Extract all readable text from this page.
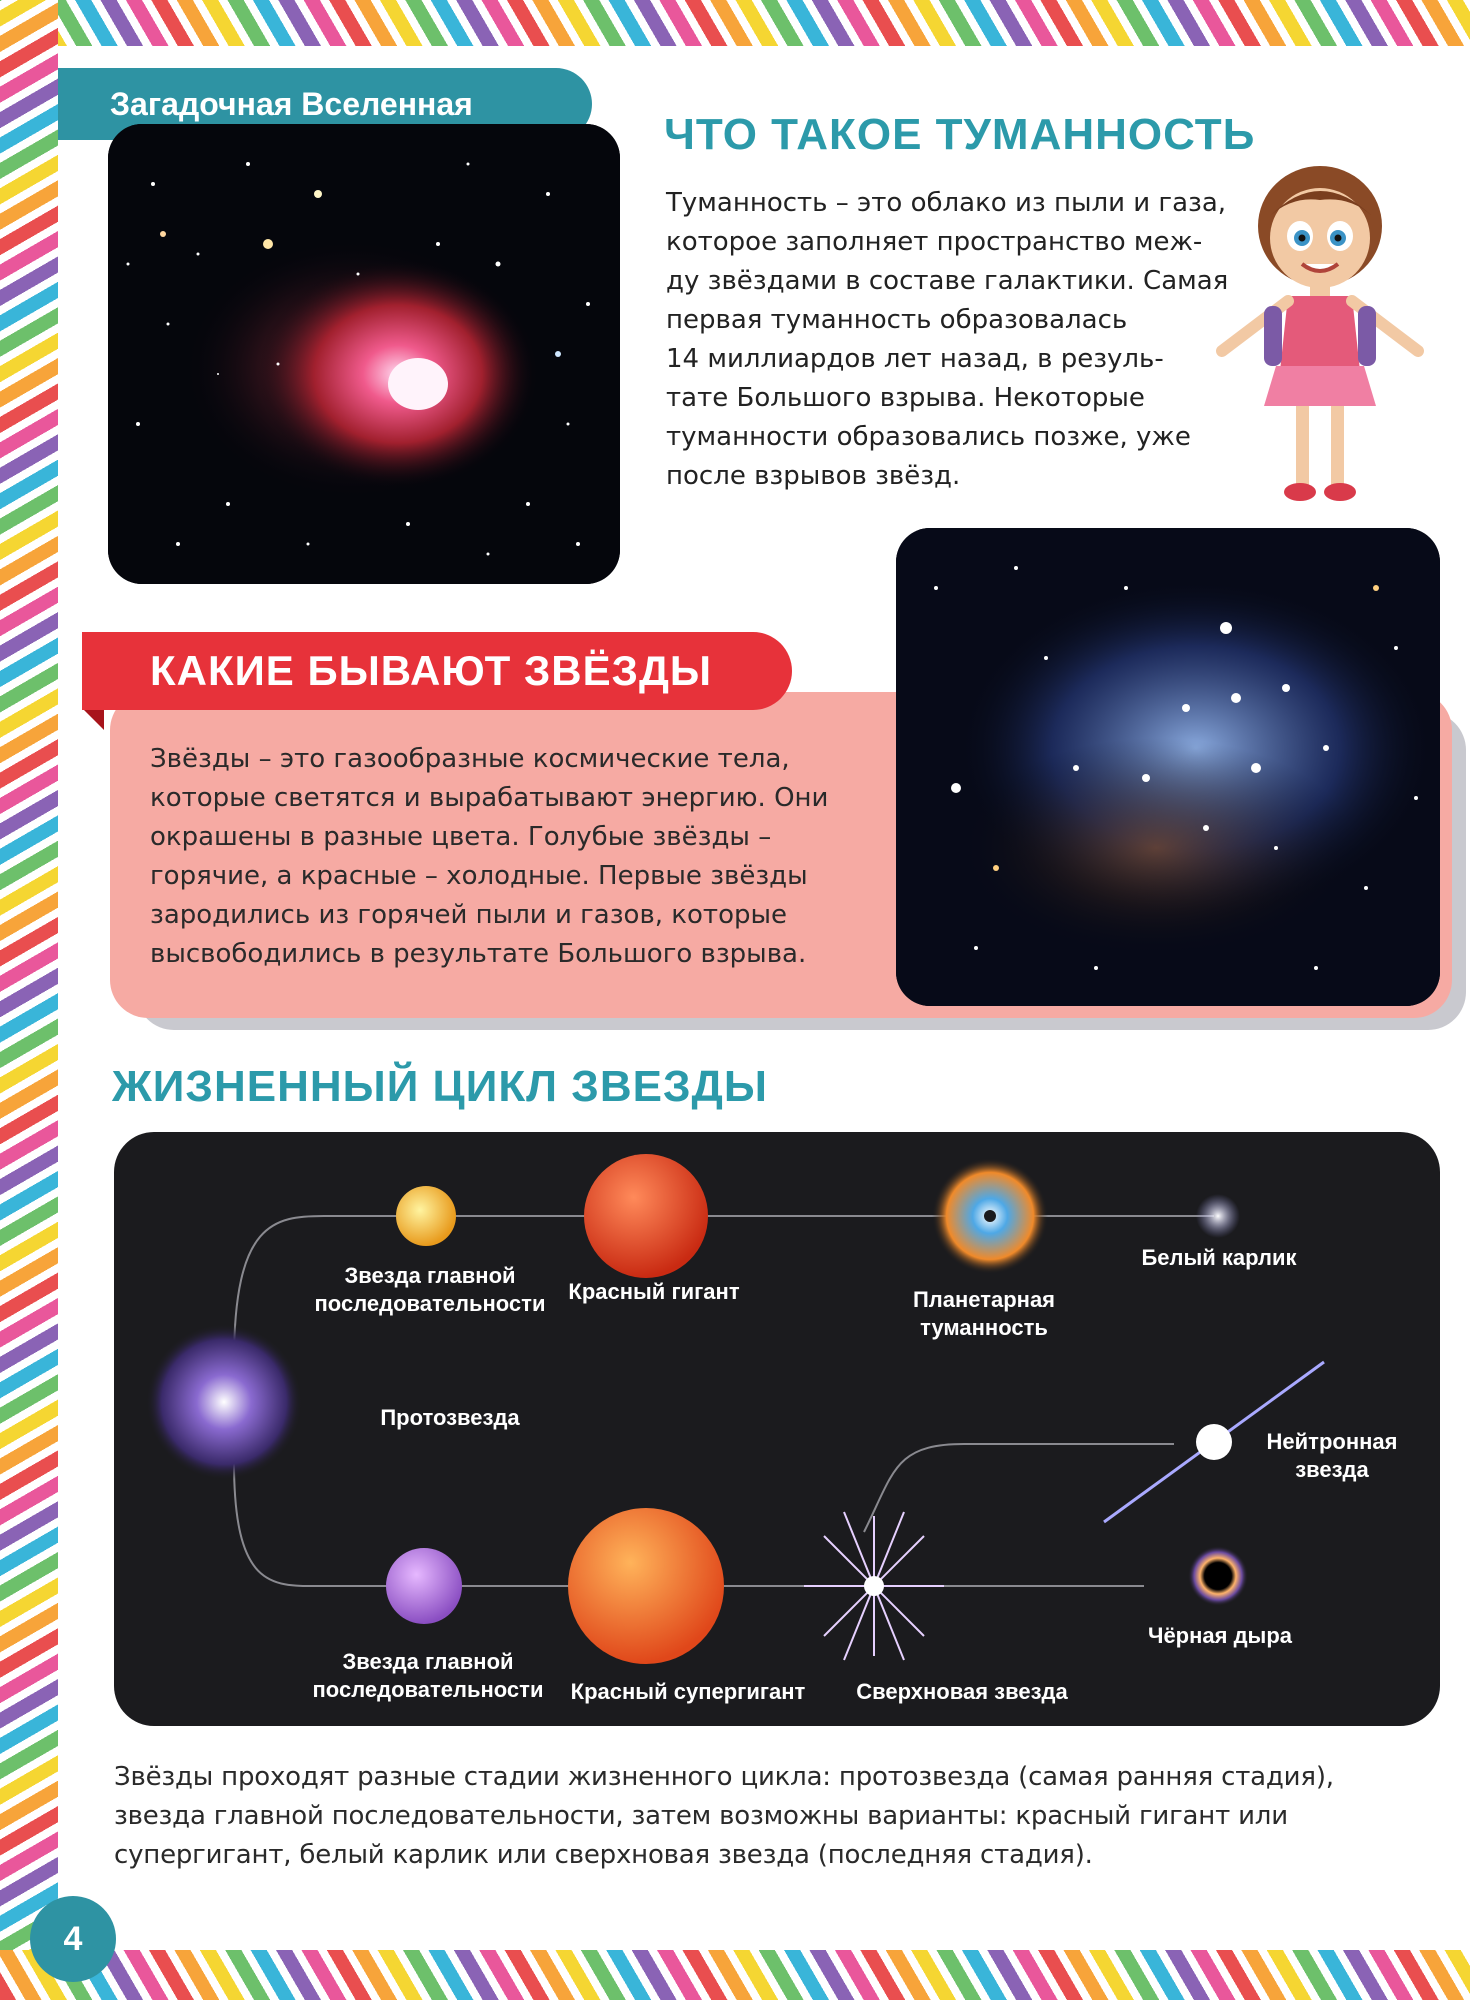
Загадочная Вселенная
ЧТО ТАКОЕ ТУМАННОСТЬ
Туманность – это облако из пыли и газа,
которое заполняет пространство меж-
ду звёздами в составе галактики. Самая
первая туманность образовалась
14 миллиардов лет назад, в резуль-
тате Большого взрыва. Некоторые
туманности образовались позже, уже
после взрывов звёзд.
КАКИЕ БЫВАЮТ ЗВЁЗДЫ
Звёзды – это газообразные космические тела,
которые светятся и вырабатывают энергию. Они
окрашены в разные цвета. Голубые звёзды –
горячие, а красные – холодные. Первые звёзды
зародились из горячей пыли и газов, которые
высвободились в результате Большого взрыва.
ЖИЗНЕННЫЙ ЦИКЛ ЗВЕЗДЫ
Звезда главной
последовательности	Красный гигант	Планетарная
туманность
Белый карлик
Протозвезда
Нейтронная
звезда
Чёрная дыра
Звезда главной
последовательности	Красный супергигант	Сверхновая звезда
Звёзды проходят разные стадии жизненного цикла: протозвезда (самая ранняя стадия),
звезда главной последовательности, затем возможны варианты: красный гигант или
супергигант, белый карлик или сверхновая звезда (последняя стадия).
4
